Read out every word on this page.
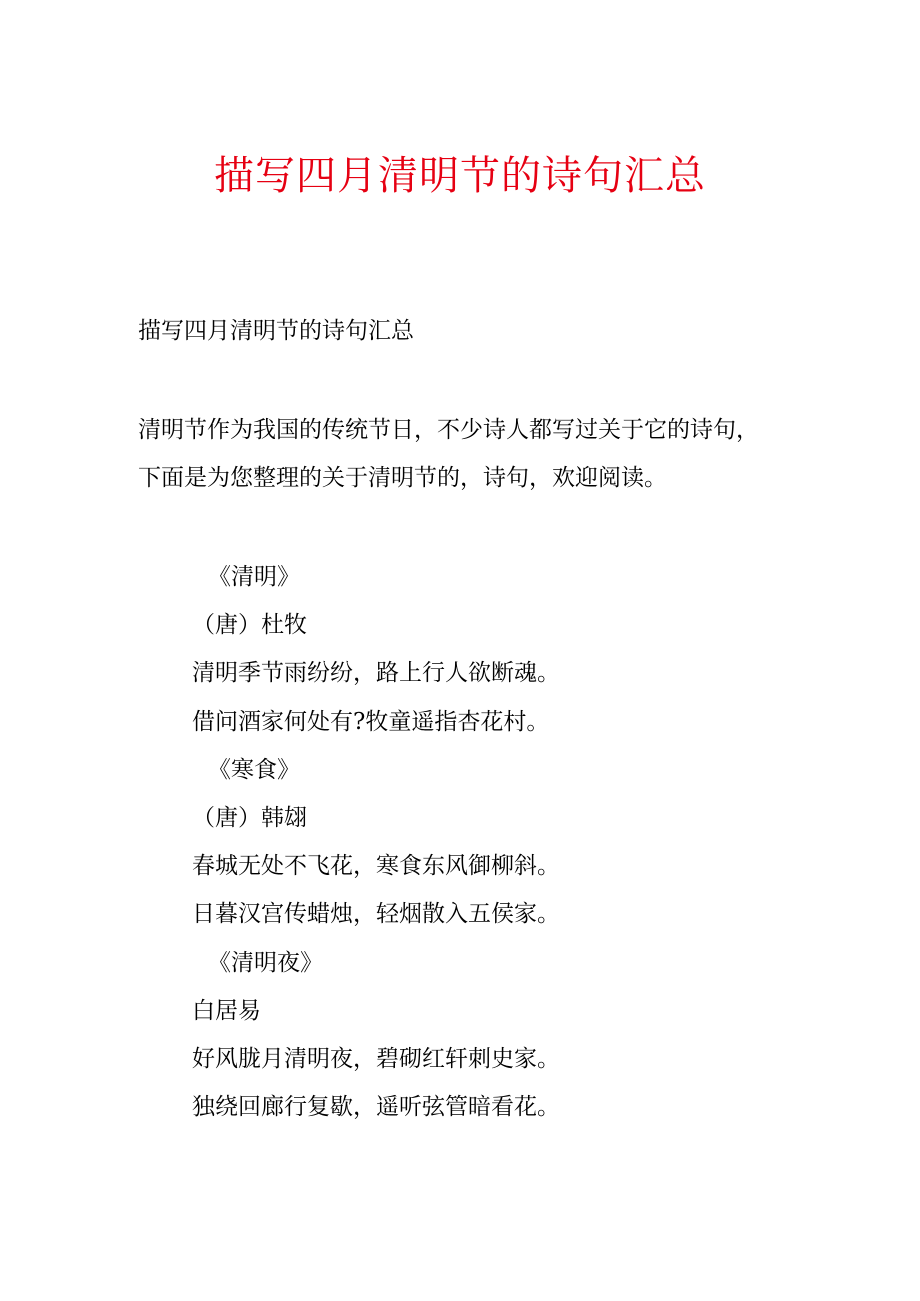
描写四月清明节的诗句汇总
描写四月清明节的诗句汇总

清明节作为我国的传统节日，不少诗人都写过关于它的诗句，

下面是为您整理的关于清明节的，诗句，欢迎阅读。

《清明》
（唐）杜牧
清明季节雨纷纷，路上行人欲断魂。
借问酒家何处有?牧童遥指杏花村。
《寒食》
（唐）韩翃
春城无处不飞花，寒食东风御柳斜。
日暮汉宫传蜡烛，轻烟散入五侯家。
《清明夜》
白居易
好风胧月清明夜，碧砌红轩刺史家。
独绕回廊行复歇，遥听弦管暗看花。
